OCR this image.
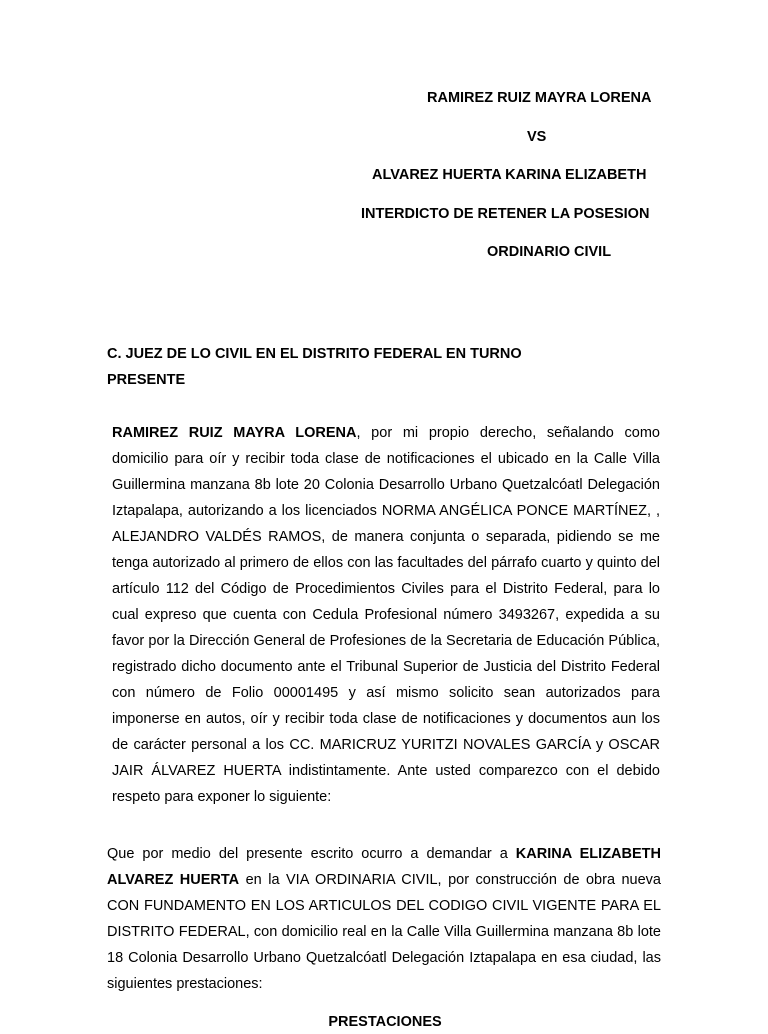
RAMIREZ RUIZ MAYRA LORENA
VS
ALVAREZ HUERTA KARINA ELIZABETH
INTERDICTO DE RETENER LA POSESION
ORDINARIO CIVIL
C. JUEZ DE LO CIVIL EN EL DISTRITO FEDERAL EN TURNO
PRESENTE

RAMIREZ RUIZ MAYRA LORENA, por mi propio derecho, señalando como domicilio para oír y recibir toda clase de notificaciones el ubicado en la Calle Villa Guillermina manzana 8b lote 20 Colonia Desarrollo Urbano Quetzalcóatl Delegación Iztapalapa, autorizando a los licenciados NORMA ANGÉLICA PONCE MARTÍNEZ, , ALEJANDRO VALDÉS RAMOS, de manera conjunta o separada, pidiendo se me tenga autorizado al primero de ellos con las facultades del párrafo cuarto y quinto del artículo 112 del Código de Procedimientos Civiles para el Distrito Federal, para lo cual expreso que cuenta con Cedula Profesional número 3493267, expedida a su favor por la Dirección General de Profesiones de la Secretaria de Educación Pública, registrado dicho documento ante el Tribunal Superior de Justicia del Distrito Federal con número de Folio 00001495 y así mismo solicito sean autorizados para imponerse en autos, oír y recibir toda clase de notificaciones y documentos aun los de carácter personal a los CC. MARICRUZ YURITZI NOVALES GARCÍA y OSCAR JAIR ÁLVAREZ HUERTA indistintamente. Ante usted comparezco con el debido respeto para exponer lo siguiente:

Que por medio del presente escrito ocurro a demandar a KARINA ELIZABETH ALVAREZ HUERTA en la VIA ORDINARIA CIVIL, por construcción de obra nueva CON FUNDAMENTO EN LOS ARTICULOS DEL CODIGO CIVIL VIGENTE PARA EL DISTRITO FEDERAL, con domicilio real en la Calle Villa Guillermina manzana 8b lote 18 Colonia Desarrollo Urbano Quetzalcóatl Delegación Iztapalapa en esa ciudad, las siguientes prestaciones:

PRESTACIONES
